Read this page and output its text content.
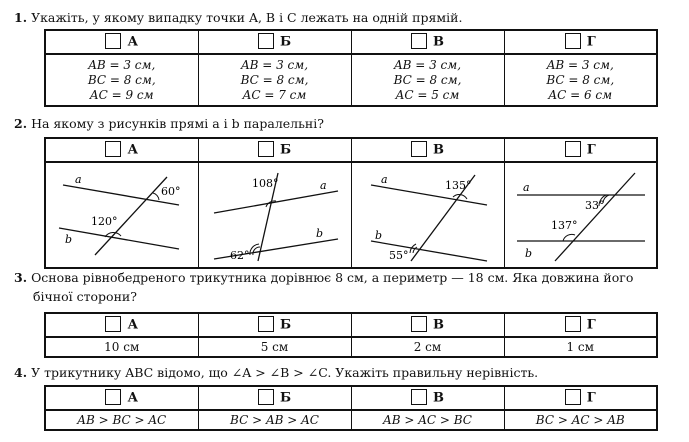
1. Укажіть, у якому випадку точки A, B і C лежать на одній прямій.
А	Б	В	Г

AB = 3 см,
BC = 8 см,
AC = 9 см	AB = 3 см,
BC = 8 см,
AC = 7 см	AB = 3 см,
BC = 8 см,
AC = 5 см	AB = 3 см,
BC = 8 см,
AC = 6 см
2. На якому з рисунків прямі a і b паралельні?
А	Б	В	Г

a
b
60°
120°	a
b
108°
62°	a
b
135°
55°	a
b
33°
137°
3. Основа рівнобедреного трикутника дорівнює 8 см, а периметр — 18 см. Яка довжина його
бічної сторони?
А	Б	В	Г
10 см	5 см	2 см	1 см
4. У трикутнику ABC відомо, що ∠A > ∠B > ∠C. Укажіть правильну нерівність.
А	Б	В	Г
AB > BC > AC	BC > AB > AC	AB > AC > BC	BC > AC > AB
